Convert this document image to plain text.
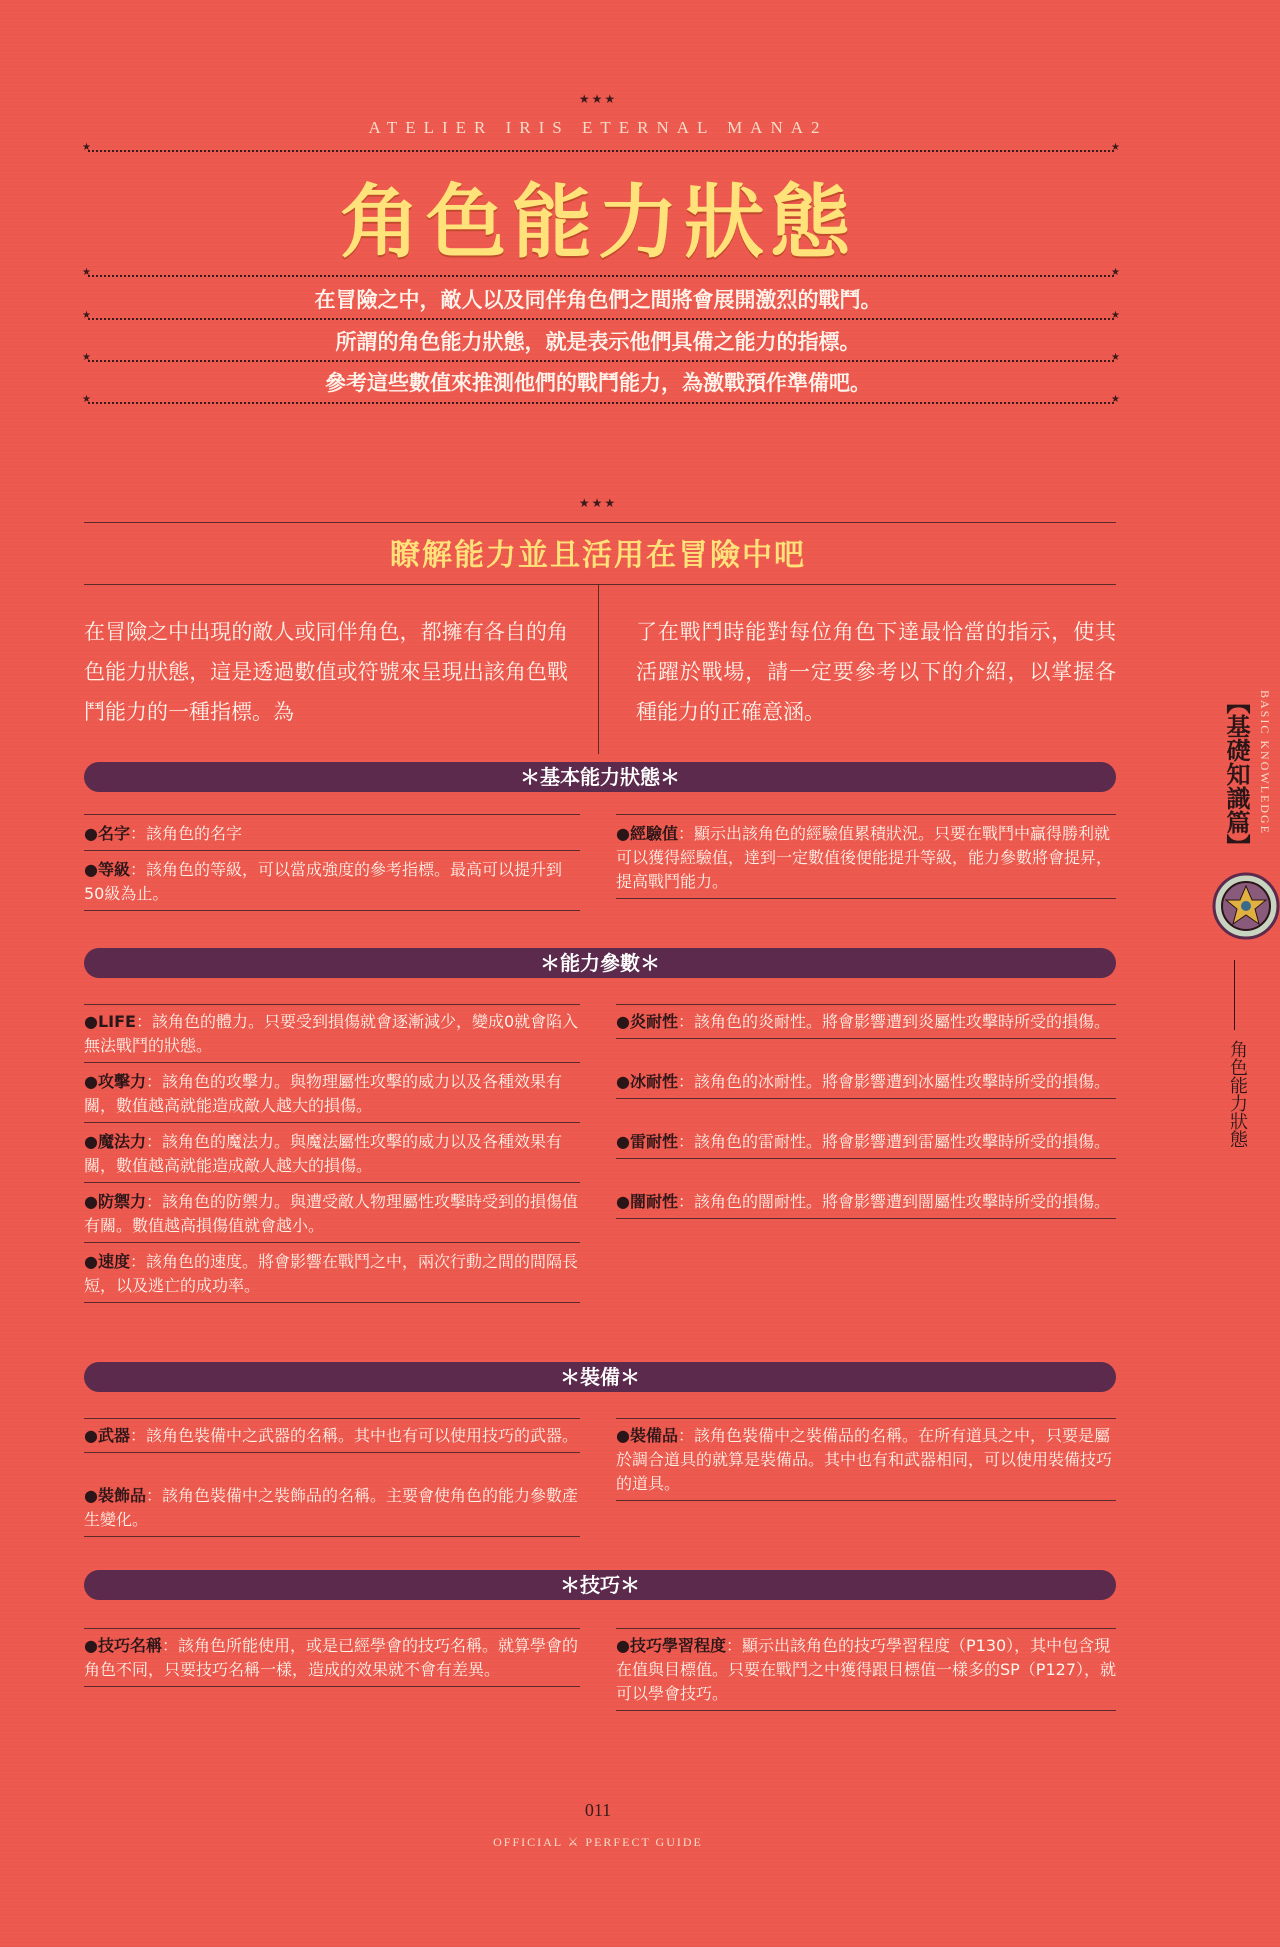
★★★
ATELIER IRIS ETERNAL MANA2
★ ★
角色能力狀態
★ ★
在冒險之中，敵人以及同伴角色們之間將會展開激烈的戰鬥。
★ ★
所謂的角色能力狀態，就是表示他們具備之能力的指標。
★ ★
參考這些數值來推測他們的戰鬥能力，為激戰預作準備吧。
★ ★
★★★
瞭解能力並且活用在冒險中吧
在冒險之中出現的敵人或同伴角色，都擁有各自的角色能力狀態，這是透過數值或符號來呈現出該角色戰鬥能力的一種指標。為
了在戰鬥時能對每位角色下達最恰當的指示，使其活躍於戰場，請一定要參考以下的介紹，以掌握各種能力的正確意涵。
＊基本能力狀態＊
●名字：該角色的名字
●等級：該角色的等級，可以當成強度的參考指標。最高可以提升到50級為止。
●經驗值：顯示出該角色的經驗值累積狀況。只要在戰鬥中贏得勝利就可以獲得經驗值，達到一定數值後便能提升等級，能力參數將會提昇，提高戰鬥能力。
＊能力參數＊
●LIFE：該角色的體力。只要受到損傷就會逐漸減少，變成0就會陷入無法戰鬥的狀態。
●攻擊力：該角色的攻擊力。與物理屬性攻擊的威力以及各種效果有關，數值越高就能造成敵人越大的損傷。
●魔法力：該角色的魔法力。與魔法屬性攻擊的威力以及各種效果有關，數值越高就能造成敵人越大的損傷。
●防禦力：該角色的防禦力。與遭受敵人物理屬性攻擊時受到的損傷值有關。數值越高損傷值就會越小。
●速度：該角色的速度。將會影響在戰鬥之中，兩次行動之間的間隔長短，以及逃亡的成功率。
●炎耐性：該角色的炎耐性。將會影響遭到炎屬性攻擊時所受的損傷。
●冰耐性：該角色的冰耐性。將會影響遭到冰屬性攻擊時所受的損傷。
●雷耐性：該角色的雷耐性。將會影響遭到雷屬性攻擊時所受的損傷。
●闇耐性：該角色的闇耐性。將會影響遭到闇屬性攻擊時所受的損傷。
＊裝備＊
●武器：該角色裝備中之武器的名稱。其中也有可以使用技巧的武器。
●裝飾品：該角色裝備中之裝飾品的名稱。主要會使角色的能力參數產生變化。
●裝備品：該角色裝備中之裝備品的名稱。在所有道具之中，只要是屬於調合道具的就算是裝備品。其中也有和武器相同，可以使用裝備技巧的道具。
＊技巧＊
●技巧名稱：該角色所能使用，或是已經學會的技巧名稱。就算學會的角色不同，只要技巧名稱一樣，造成的效果就不會有差異。
●技巧學習程度：顯示出該角色的技巧學習程度（P130），其中包含現在值與目標值。只要在戰鬥之中獲得跟目標值一樣多的SP（P127），就可以學會技巧。
【基礎知識篇】 BASIC KNOWLEDGE
角色能力狀態
011
OFFICIAL ⚔ PERFECT GUIDE
